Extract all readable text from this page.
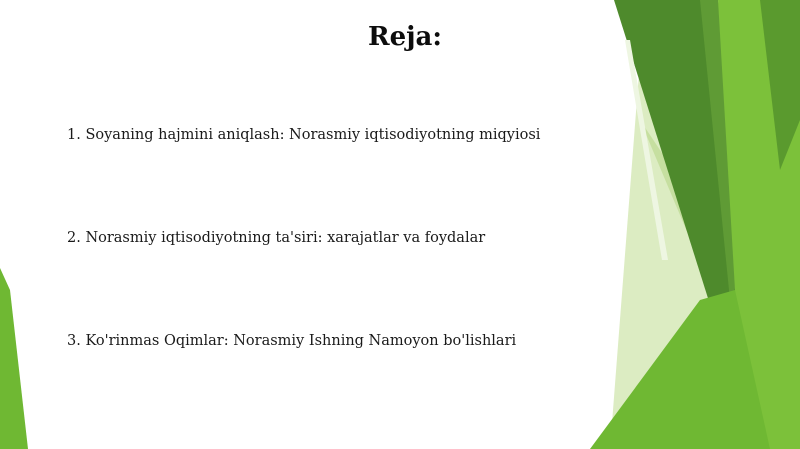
Reja:
1. Soyaning hajmini aniqlash: Norasmiy iqtisodiyotning miqyiosi
2. Norasmiy iqtisodiyotning ta'siri: xarajatlar va foydalar
3. Ko'rinmas Oqimlar: Norasmiy Ishning Namoyon bo'lishlari
